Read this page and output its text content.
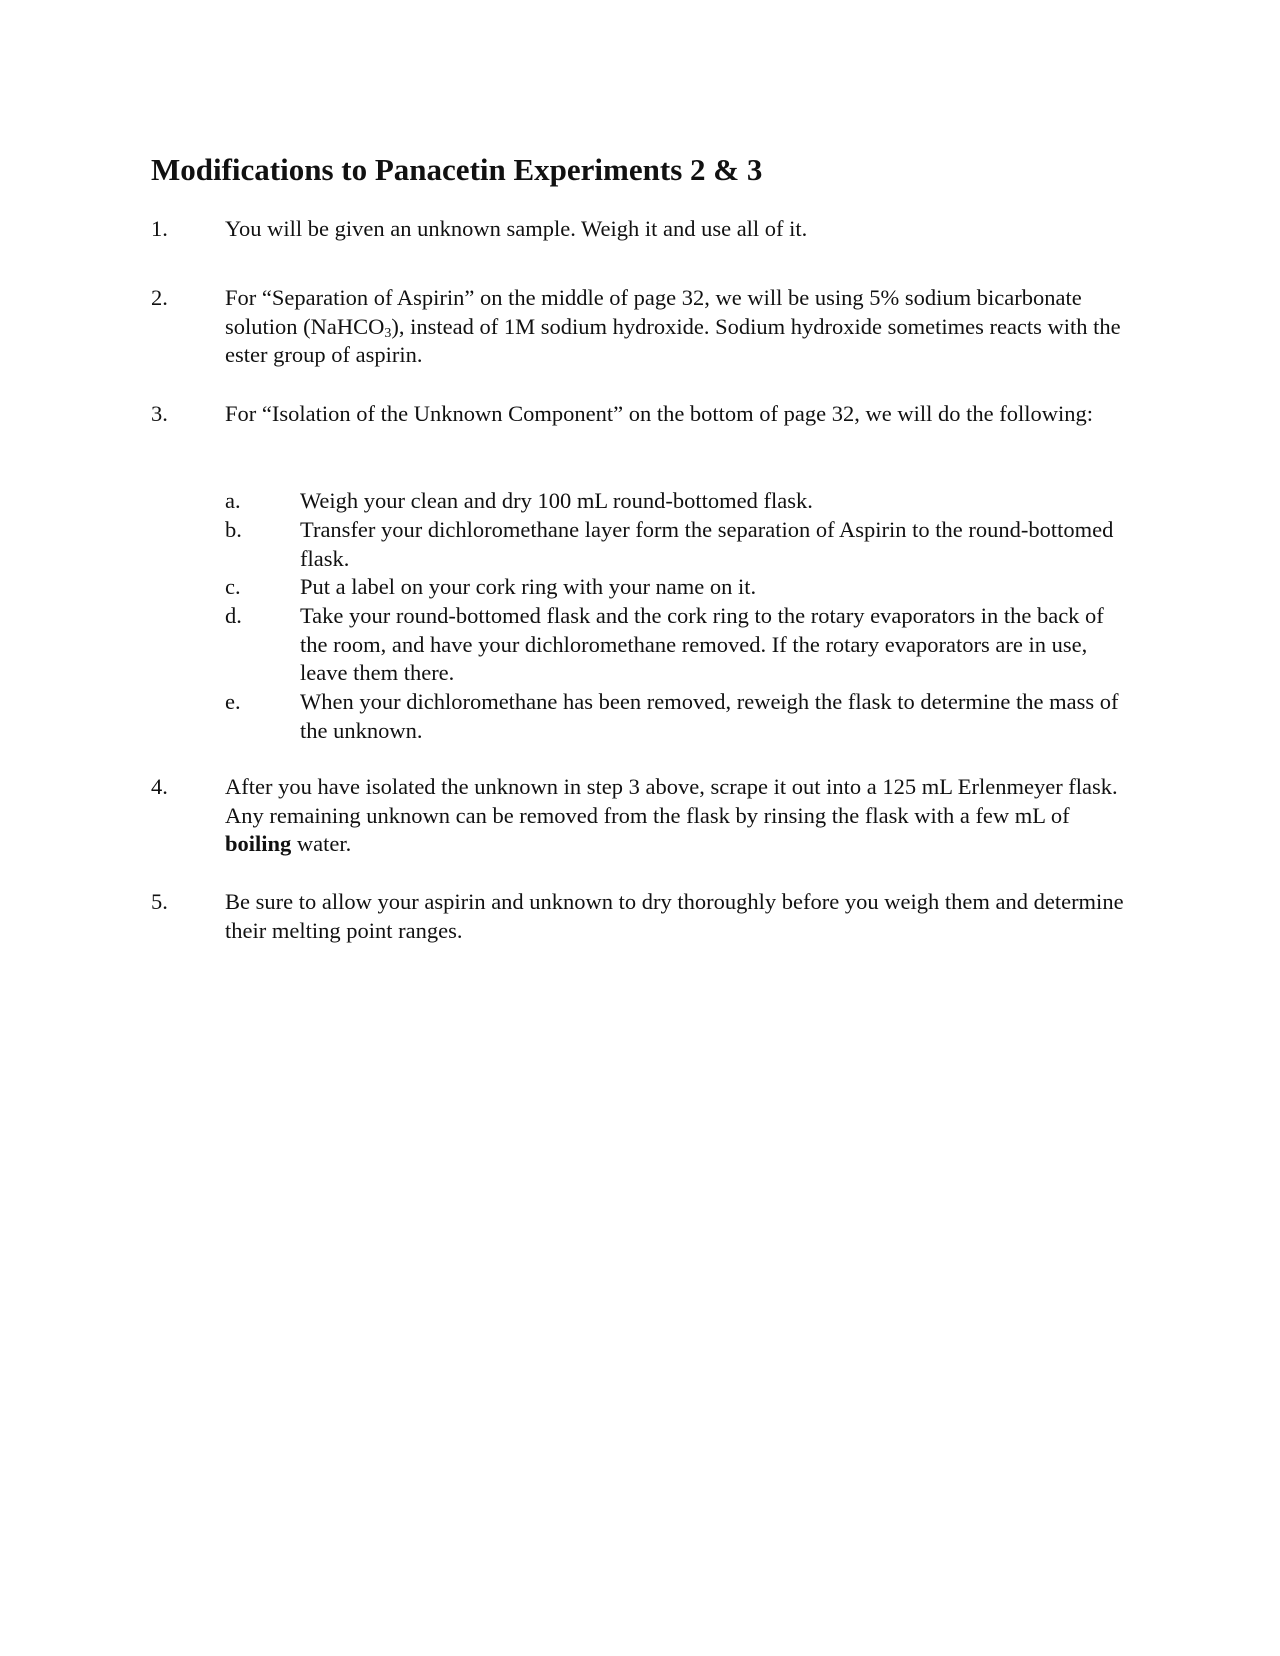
Modifications to Panacetin Experiments 2 & 3
1.	You will be given an unknown sample. Weigh it and use all of it.
2.	For “Separation of Aspirin” on the middle of page 32, we will be using 5% sodium bicarbonate solution (NaHCO$_3$), instead of 1M sodium hydroxide. Sodium hydroxide sometimes reacts with the ester group of aspirin.
3.	For “Isolation of the Unknown Component” on the bottom of page 32, we will do the following:
a.	Weigh your clean and dry 100 mL round-bottomed flask.
b.	Transfer your dichloromethane layer form the separation of Aspirin to the round-bottomed flask.
c.	Put a label on your cork ring with your name on it.
d.	Take your round-bottomed flask and the cork ring to the rotary evaporators in the back of the room, and have your dichloromethane removed. If the rotary evaporators are in use, leave them there.
e.	When your dichloromethane has been removed, reweigh the flask to determine the mass of the unknown.
4.	After you have isolated the unknown in step 3 above, scrape it out into a 125 mL Erlenmeyer flask. Any remaining unknown can be removed from the flask by rinsing the flask with a few mL of boiling water.
5.	Be sure to allow your aspirin and unknown to dry thoroughly before you weigh them and determine their melting point ranges.
